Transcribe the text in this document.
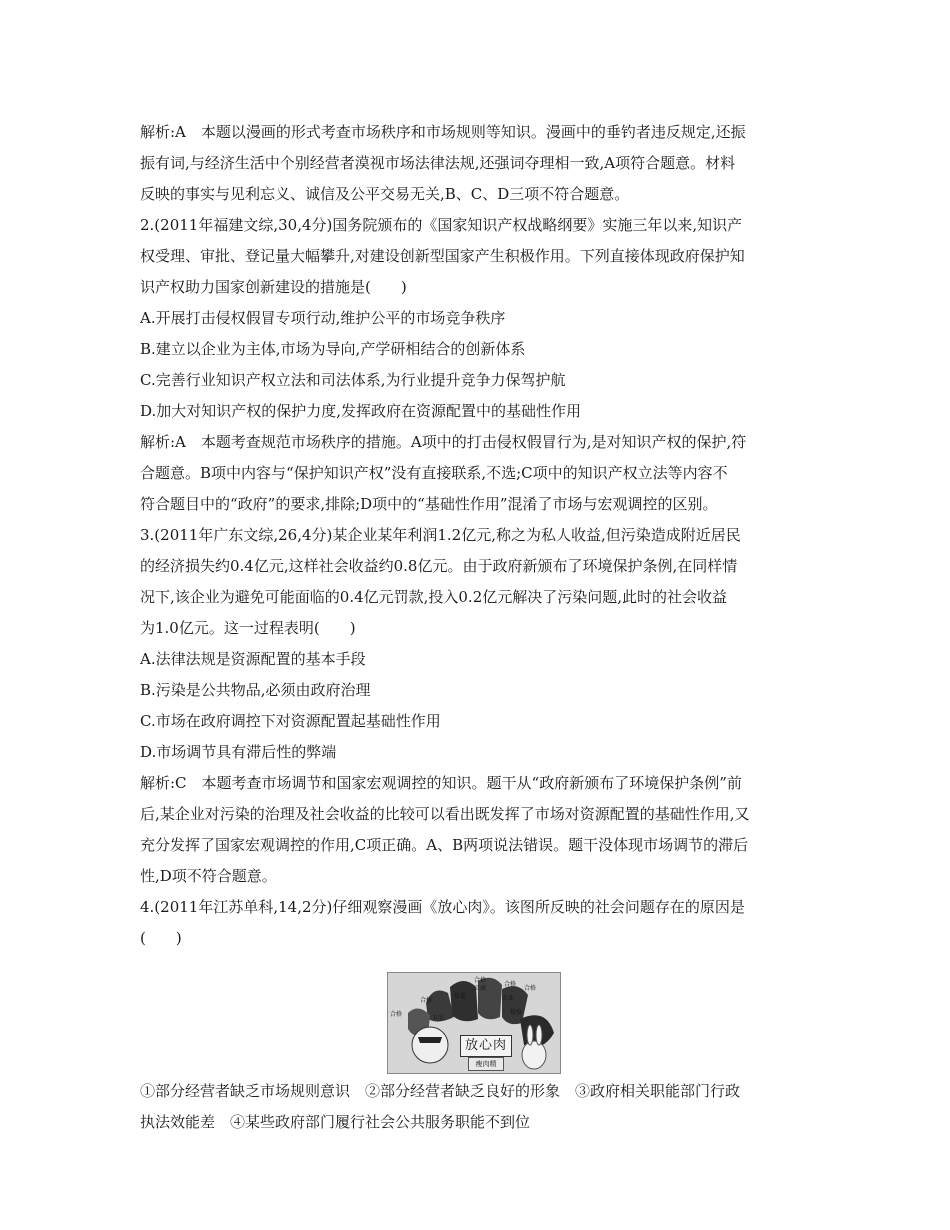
解析:A　本题以漫画的形式考查市场秩序和市场规则等知识。漫画中的垂钓者违反规定,还振
振有词,与经济生活中个别经营者漠视市场法律法规,还强词夺理相一致,A项符合题意。材料
反映的事实与见利忘义、诚信及公平交易无关,B、C、D三项不符合题意。
2.(2011年福建文综,30,4分)国务院颁布的《国家知识产权战略纲要》实施三年以来,知识产
权受理、审批、登记量大幅攀升,对建设创新型国家产生积极作用。下列直接体现政府保护知
识产权助力国家创新建设的措施是(　　)
A.开展打击侵权假冒专项行动,维护公平的市场竞争秩序
B.建立以企业为主体,市场为导向,产学研相结合的创新体系
C.完善行业知识产权立法和司法体系,为行业提升竞争力保驾护航
D.加大对知识产权的保护力度,发挥政府在资源配置中的基础性作用
解析:A　本题考查规范市场秩序的措施。A项中的打击侵权假冒行为,是对知识产权的保护,符
合题意。B项中内容与“保护知识产权”没有直接联系,不选;C项中的知识产权立法等内容不
符合题目中的“政府”的要求,排除;D项中的“基础性作用”混淆了市场与宏观调控的区别。
3.(2011年广东文综,26,4分)某企业某年利润1.2亿元,称之为私人收益,但污染造成附近居民
的经济损失约0.4亿元,这样社会收益约0.8亿元。由于政府新颁布了环境保护条例,在同样情
况下,该企业为避免可能面临的0.4亿元罚款,投入0.2亿元解决了污染问题,此时的社会收益
为1.0亿元。这一过程表明(　　)
A.法律法规是资源配置的基本手段
B.污染是公共物品,必须由政府治理
C.市场在政府调控下对资源配置起基础性作用
D.市场调节具有滞后性的弊端
解析:C　本题考查市场调节和国家宏观调控的知识。题干从“政府新颁布了环境保护条例”前
后,某企业对污染的治理及社会收益的比较可以看出既发挥了市场对资源配置的基础性作用,又
充分发挥了国家宏观调控的作用,C项正确。A、B两项说法错误。题干没体现市场调节的滞后
性,D项不符合题意。
4.(2011年江苏单科,14,2分)仔细观察漫画《放心肉》。该图所反映的社会问题存在的原因是
(　　)
合格
合格
合格
工商
合格
质监
卫生
农业
检疫
合格
放心肉
瘦肉精
①部分经营者缺乏市场规则意识　②部分经营者缺乏良好的形象　③政府相关职能部门行政
执法效能差　④某些政府部门履行社会公共服务职能不到位
